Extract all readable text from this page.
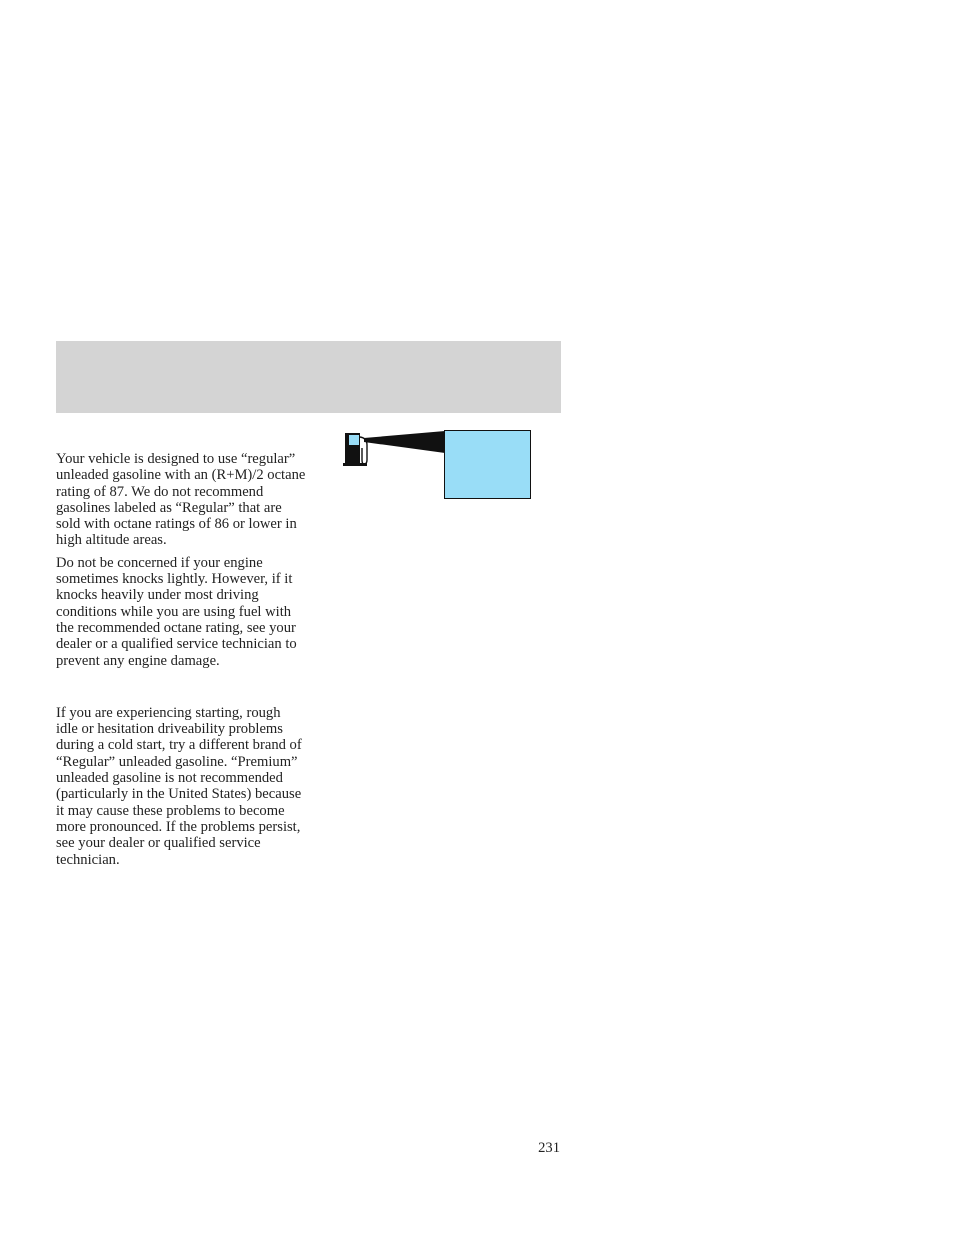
Your vehicle is designed to use “regular” unleaded gasoline with an (R+M)/2 octane rating of 87. We do not recommend gasolines labeled as “Regular” that are sold with octane ratings of 86 or lower in high altitude areas.

Do not be concerned if your engine sometimes knocks lightly. However, if it knocks heavily under most driving conditions while you are using fuel with the recommended octane rating, see your dealer or a qualified service technician to prevent any engine damage.

If you are experiencing starting, rough idle or hesitation driveability problems during a cold start, try a different brand of “Regular” unleaded gasoline. “Premium” unleaded gasoline is not recommended (particularly in the United States) because it may cause these problems to become more pronounced. If the problems persist, see your dealer or qualified service technician.

231
